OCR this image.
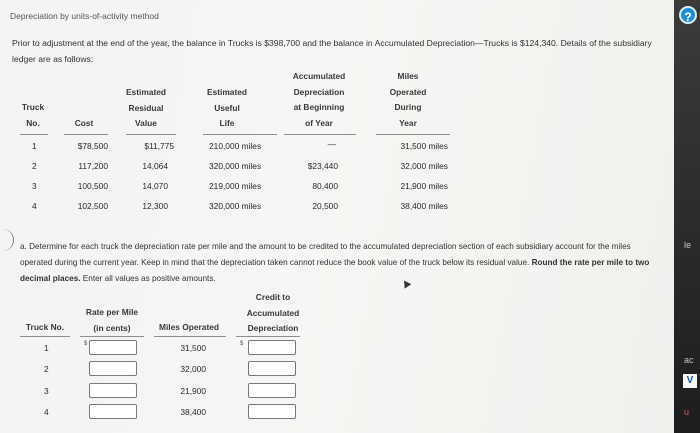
Depreciation by units-of-activity method
Prior to adjustment at the end of the year, the balance in Trucks is $398,700 and the balance in Accumulated Depreciation—Trucks is $124,340. Details of the subsidiary ledger are as follows:
Truck
No.	Cost
Estimated
Residual
Value
Estimated
Useful
Life
Accumulated
Depreciation
at Beginning
of Year
Miles
Operated
During
Year
1	$78,500	$11,775	210,000 miles	—	31,500 miles
2	117,200	14,064	320,000 miles	$23,440	32,000 miles
3	100,500	14,070	219,000 miles	80,400	21,900 miles
4	102,500	12,300	320,000 miles	20,500	38,400 miles
a. Determine for each truck the depreciation rate per mile and the amount to be credited to the accumulated depreciation section of each subsidiary account for the miles operated during the current year. Keep in mind that the depreciation taken cannot reduce the book value of the truck below its residual value. Round the rate per mile to two decimal places. Enter all values as positive amounts.
Credit to
Accumulated
Depreciation
Rate per Mile
(in cents)
Truck No.	Miles Operated
$	$
1	31,500
2	32,000
3	21,900
4	38,400
?
le
ac
V
u
